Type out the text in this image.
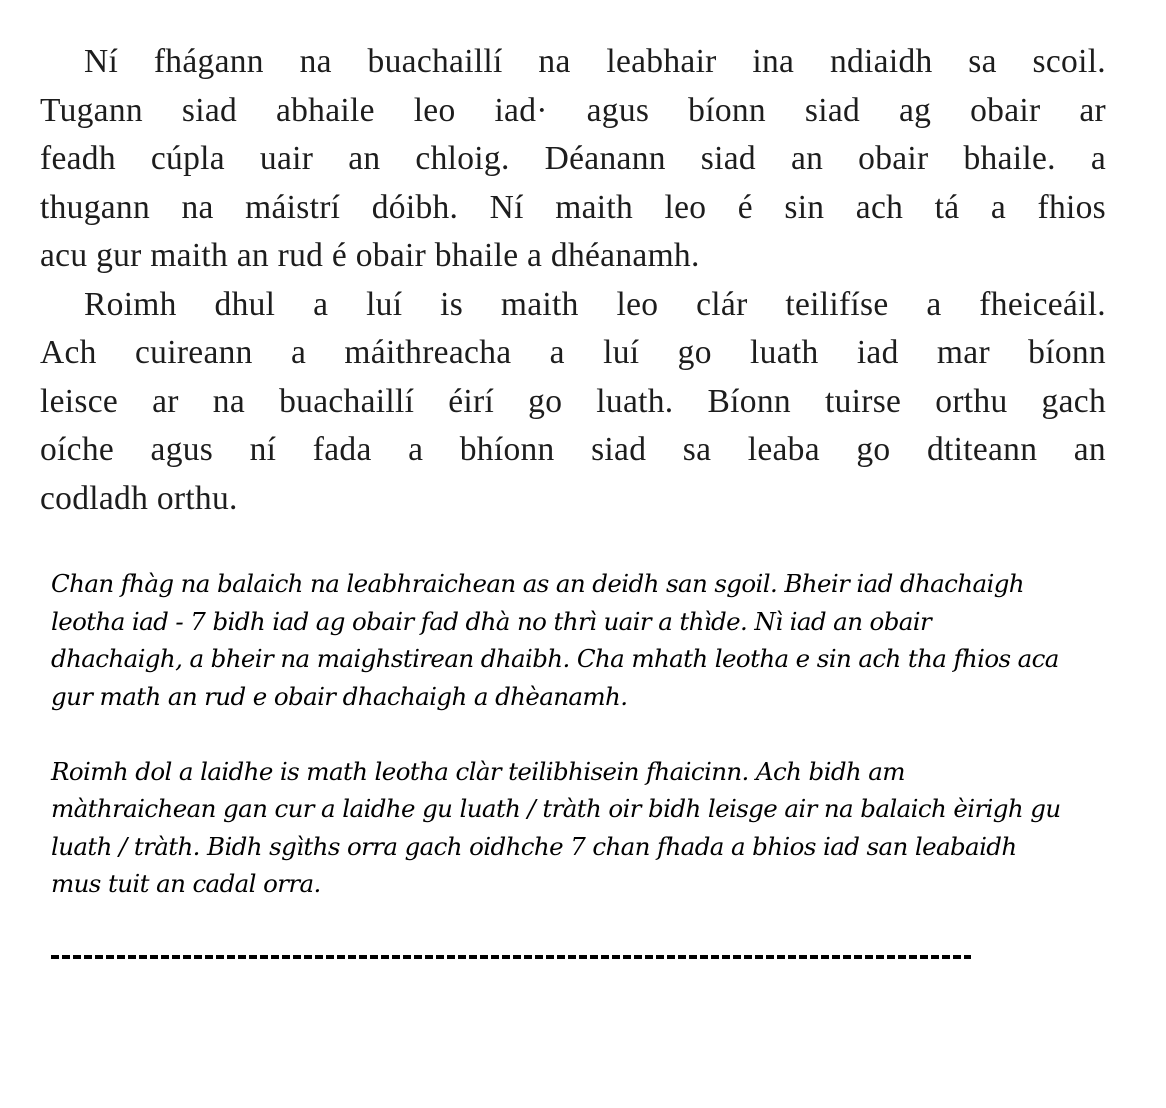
Ní fhágann na buachaillí na leabhair ina ndiaidh sa scoil.
Tugann siad abhaile leo iad· agus bíonn siad ag obair ar
feadh cúpla uair an chloig. Déanann siad an obair bhaile. a
thugann na máistrí dóibh. Ní maith leo é sin ach tá a fhios
acu gur maith an rud é obair bhaile a dhéanamh.
Roimh dhul a luí is maith leo clár teilifíse a fheiceáil.
Ach cuireann a máithreacha a luí go luath iad mar bíonn
leisce ar na buachaillí éirí go luath. Bíonn tuirse orthu gach
oíche agus ní fada a bhíonn siad sa leaba go dtiteann an
codladh orthu.
Chan fhàg na balaich na leabhraichean as an deidh san sgoil. Bheir iad dhachaigh
leotha iad - 7 bidh iad ag obair fad dhà no thrì uair a thìde. Nì iad an obair
dhachaigh, a bheir na maighstirean dhaibh. Cha mhath leotha e sin ach tha fhios aca
gur math an rud e obair dhachaigh a dhèanamh.
Roimh dol a laidhe is math leotha clàr teilibhisein fhaicinn. Ach bidh am
màthraichean gan cur a laidhe gu luath / tràth oir bidh leisge air na balaich èirigh gu
luath / tràth. Bidh sgìths orra gach oidhche 7 chan fhada a bhios iad san leabaidh
mus tuit an cadal orra.
